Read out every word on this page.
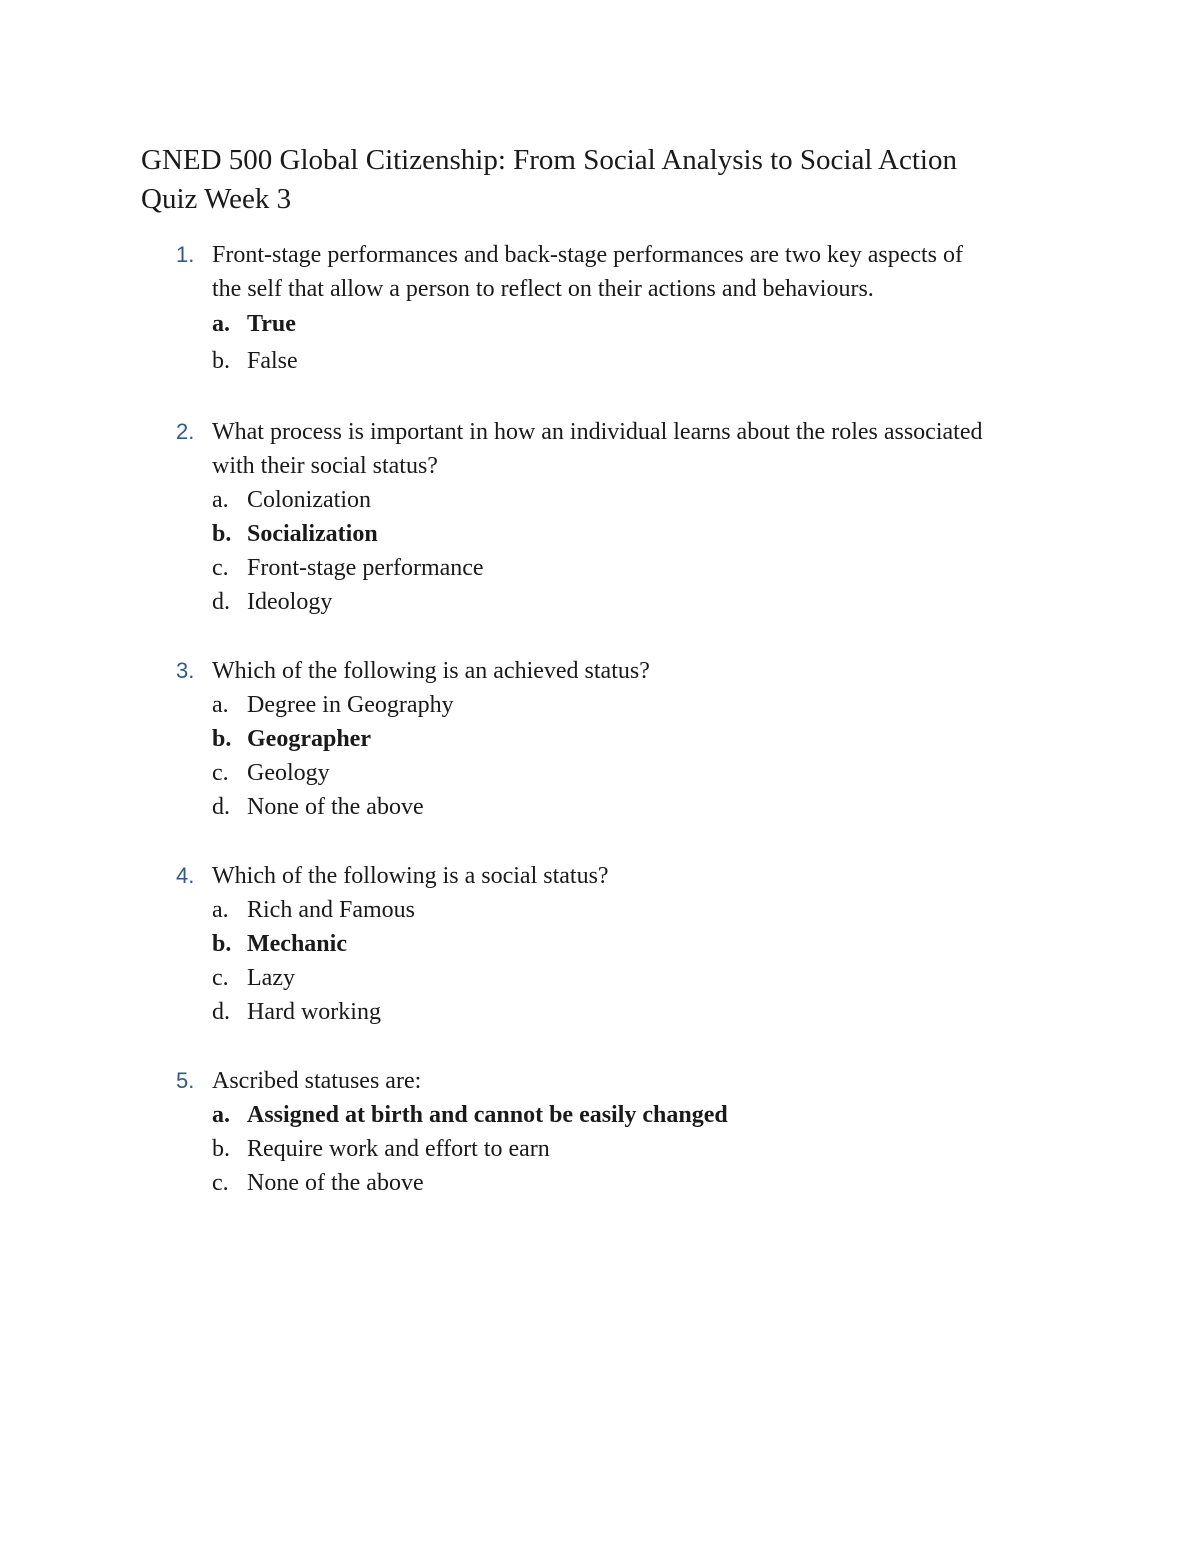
GNED 500 Global Citizenship: From Social Analysis to Social Action
Quiz Week 3
1. Front-stage performances and back-stage performances are two key aspects of the self that allow a person to reflect on their actions and behaviours.
a. True
b. False
2. What process is important in how an individual learns about the roles associated with their social status?
a. Colonization
b. Socialization
c. Front-stage performance
d. Ideology
3. Which of the following is an achieved status?
a. Degree in Geography
b. Geographer
c. Geology
d. None of the above
4. Which of the following is a social status?
a. Rich and Famous
b. Mechanic
c. Lazy
d. Hard working
5. Ascribed statuses are:
a. Assigned at birth and cannot be easily changed
b. Require work and effort to earn
c. None of the above
